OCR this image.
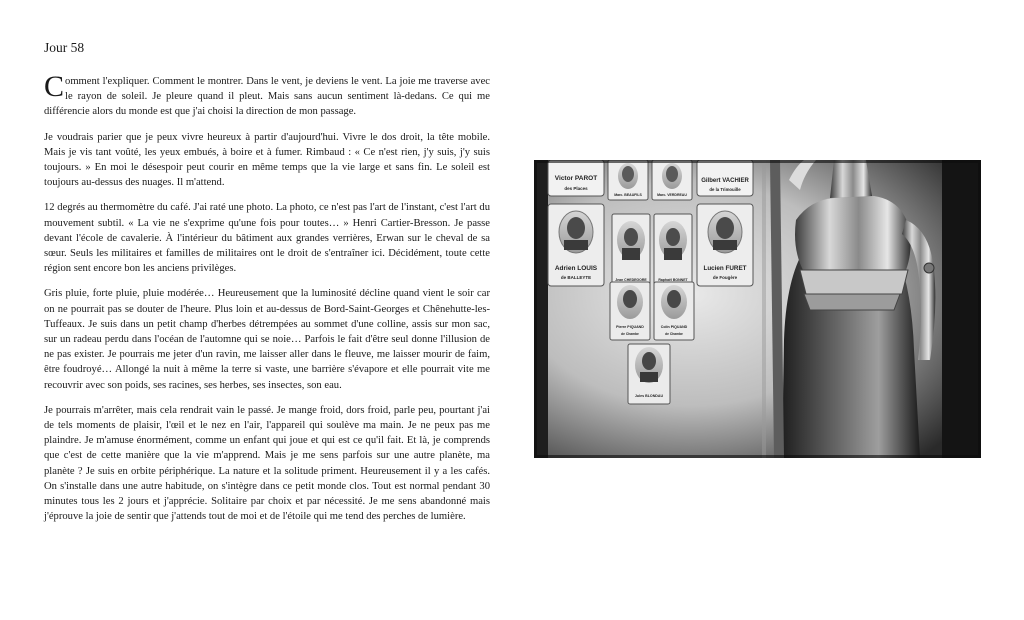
Jour 58

Comment l'expliquer. Comment le montrer. Dans le vent, je deviens le vent. La joie me traverse avec le rayon de soleil. Je pleure quand il pleut. Mais sans aucun sentiment là-dedans. Ce qui me différencie alors du monde est que j'ai choisi la direction de mon passage.

Je voudrais parier que je peux vivre heureux à partir d'aujourd'hui. Vivre le dos droit, la tête mobile. Mais je vis tant voûté, les yeux embués, à boire et à fumer. Rimbaud : « Ce n'est rien, j'y suis, j'y suis toujours. » En moi le désespoir peut courir en même temps que la vie large et sans fin. Le soleil est toujours au-dessus des nuages. Il m'attend.

12 degrés au thermomètre du café. J'ai raté une photo. La photo, ce n'est pas l'art de l'instant, c'est l'art du mouvement subtil. « La vie ne s'exprime qu'une fois pour toutes… » Henri Cartier-Bresson. Je passe devant l'école de cavalerie. À l'intérieur du bâtiment aux grandes verrières, Erwan sur le cheval de sa sœur. Seuls les militaires et familles de militaires ont le droit de s'entraîner ici. Décidément, toute cette région sent encore bon les anciens privilèges.

Gris pluie, forte pluie, pluie modérée… Heureusement que la luminosité décline quand vient le soir car on ne pourrait pas se douter de l'heure. Plus loin et au-dessus de Bord-Saint-Georges et Chênehutte-les-Tuffeaux. Je suis dans un petit champ d'herbes détrempées au sommet d'une colline, assis sur mon sac, sur un radeau perdu dans l'océan de l'automne qui se noie… Parfois le fait d'être seul donne l'illusion de ne pas exister. Je pourrais me jeter d'un ravin, me laisser aller dans le fleuve, me laisser mourir de faim, être foudroyé… Allongé la nuit à même la terre si vaste, une barrière s'évapore et elle pourrait vite me recouvrir avec son poids, ses racines, ses herbes, ses insectes, son eau.

Je pourrais m'arrêter, mais cela rendrait vain le passé. Je mange froid, dors froid, parle peu, pourtant j'ai de tels moments de plaisir, l'œil et le nez en l'air, l'appareil qui soulève ma main. Je ne peux pas me plaindre. Je m'amuse énormément, comme un enfant qui joue et qui est ce qu'il fait. Et là, je comprends que c'est de cette manière que la vie m'apprend. Mais je me sens parfois sur une autre planète, ma planète ? Je suis en orbite périphérique. La nature et la solitude priment. Heureusement il y a les cafés. On s'installe dans une autre habitude, on s'intègre dans ce petit monde clos. Tout est normal pendant 30 minutes tous les 2 jours et j'apprécie. Solitaire par choix et par nécessité. Je me sens abandonné mais j'éprouve la joie de sentir que j'attends tout de moi et de l'étoile qui me tend des perches de lumière.

Victor PAROT
des Places
Marc. BEAUFILS	Marc. VERDREAU
Gilbert VACHIER
de la Trimouille
Adrien LOUIS
de BALLEYTE	Jean CHEDEGORE	Raphaël BONNET
Lucien FURET
de Fougère
Pierre PIQUAND
de Chambe
Colin PIQUAND
de Chambe
Jules BLONDAU
